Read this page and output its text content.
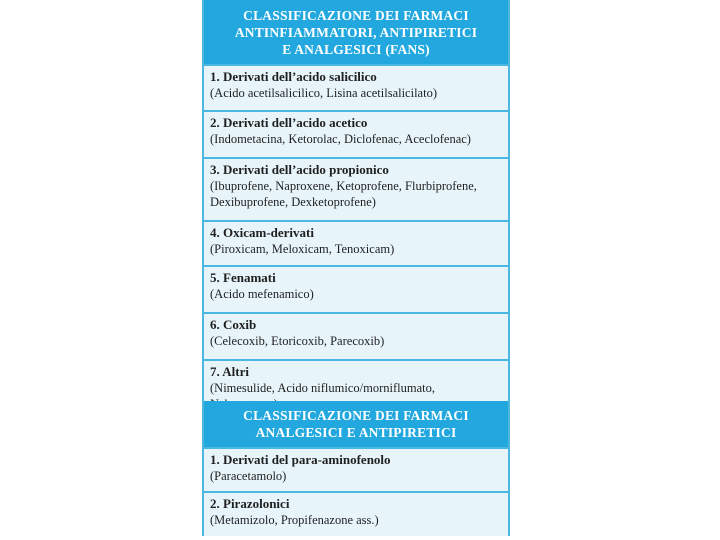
CLASSIFICAZIONE DEI FARMACI
ANTINFIAMMATORI, ANTIPIRETICI
E ANALGESICI (FANS)
1. Derivati dell’acido salicilico
(Acido acetilsalicilico, Lisina acetilsalicilato)
2. Derivati dell’acido acetico
(Indometacina, Ketorolac, Diclofenac, Aceclofenac)
3. Derivati dell’acido propionico
(Ibuprofene, Naproxene, Ketoprofene, Flurbiprofene, Dexibuprofene, Dexketoprofene)
4. Oxicam-derivati
(Piroxicam, Meloxicam, Tenoxicam)
5. Fenamati
(Acido mefenamico)
6. Coxib
(Celecoxib, Etoricoxib, Parecoxib)
7. Altri
(Nimesulide, Acido niflumico/morniflumato,
CLASSIFICAZIONE DEI FARMACI
ANALGESICI E ANTIPIRETICI
1. Derivati del para-aminofenolo
(Paracetamolo)
2. Pirazolonici
(Metamizolo, Propifenazone ass.)
